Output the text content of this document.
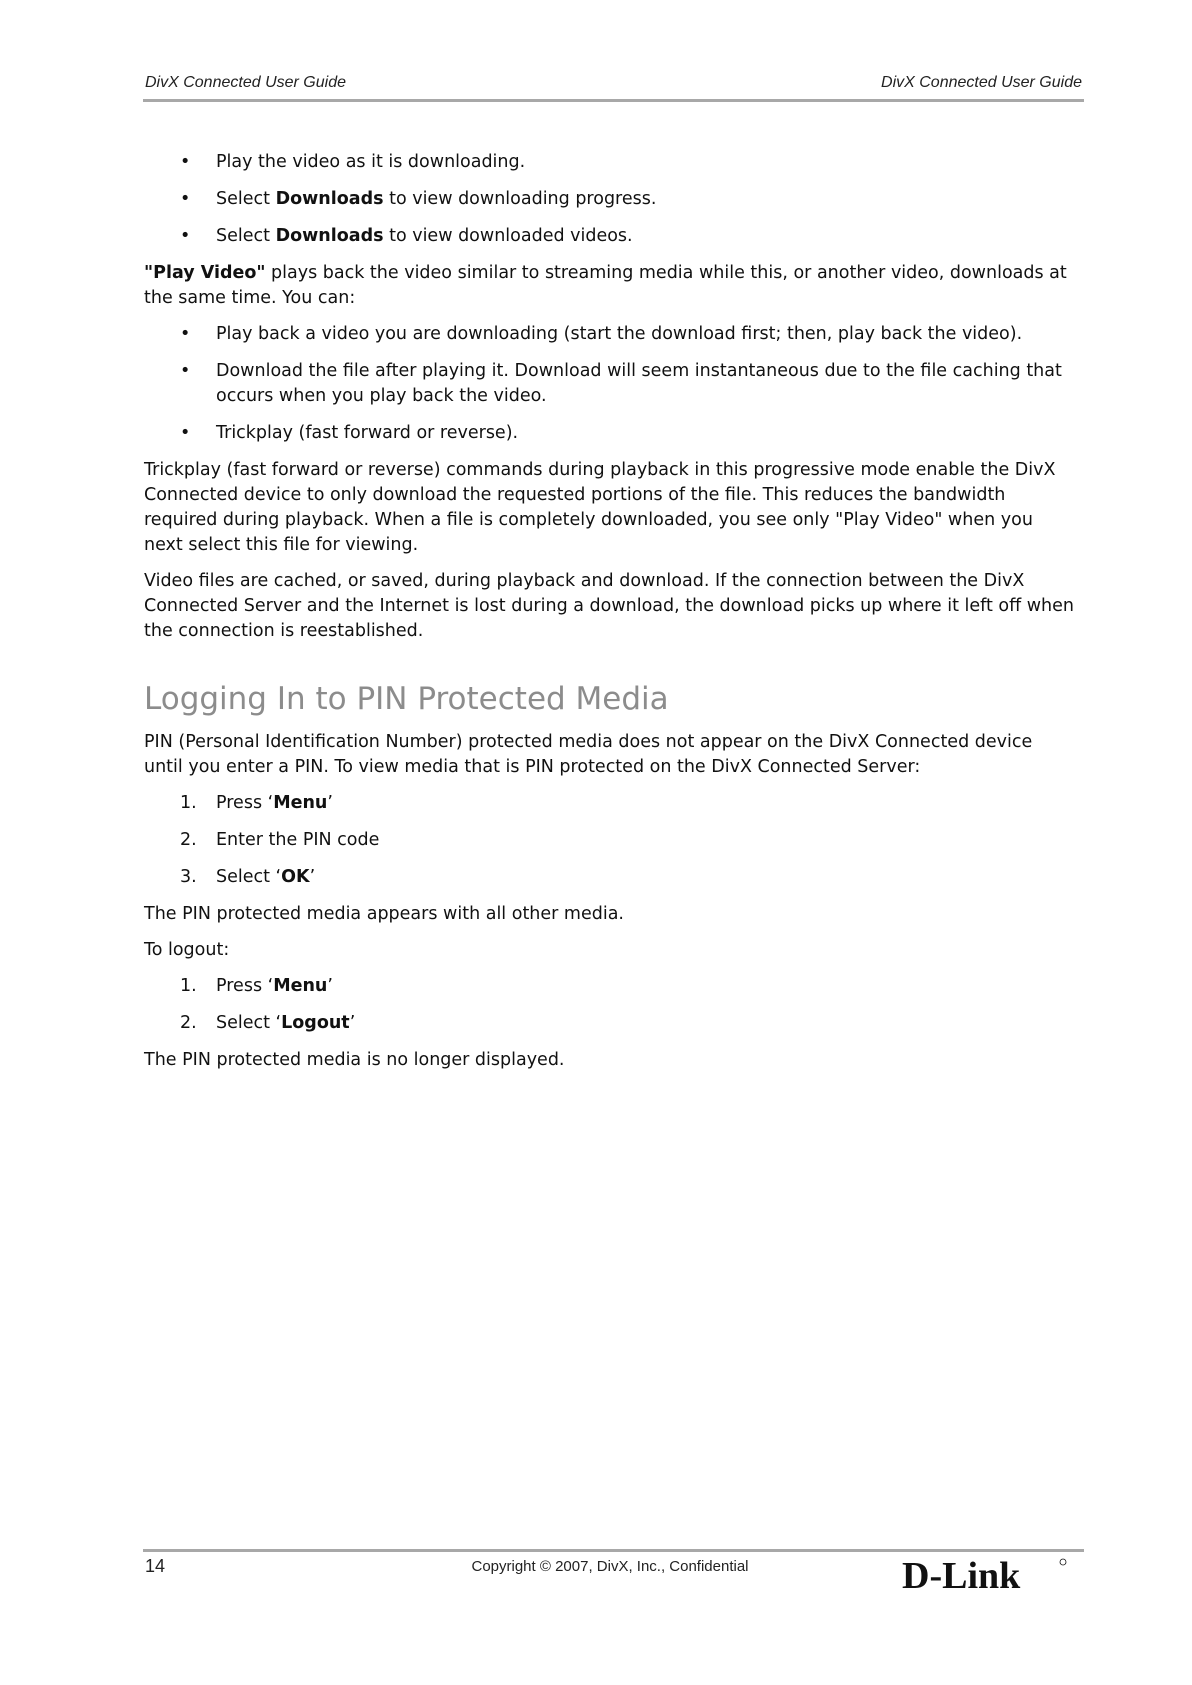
DivX Connected User Guide	DivX Connected User Guide
• Play the video as it is downloading.
• Select Downloads to view downloading progress.
• Select Downloads to view downloaded videos.

"Play Video" plays back the video similar to streaming media while this, or another video, downloads at the same time. You can:

• Play back a video you are downloading (start the download first; then, play back the video).
• Download the file after playing it. Download will seem instantaneous due to the file caching that occurs when you play back the video.
• Trickplay (fast forward or reverse).

Trickplay (fast forward or reverse) commands during playback in this progressive mode enable the DivX Connected device to only download the requested portions of the file. This reduces the bandwidth required during playback. When a file is completely downloaded, you see only "Play Video" when you next select this file for viewing.

Video files are cached, or saved, during playback and download. If the connection between the DivX Connected Server and the Internet is lost during a download, the download picks up where it left off when the connection is reestablished.

Logging In to PIN Protected Media

PIN (Personal Identification Number) protected media does not appear on the DivX Connected device until you enter a PIN. To view media that is PIN protected on the DivX Connected Server:

1. Press ‘Menu’
2. Enter the PIN code
3. Select ‘OK’

The PIN protected media appears with all other media.

To logout:

1. Press ‘Menu’
2. Select ‘Logout’

The PIN protected media is no longer displayed.

14	Copyright © 2007, DivX, Inc., Confidential	D-Link
